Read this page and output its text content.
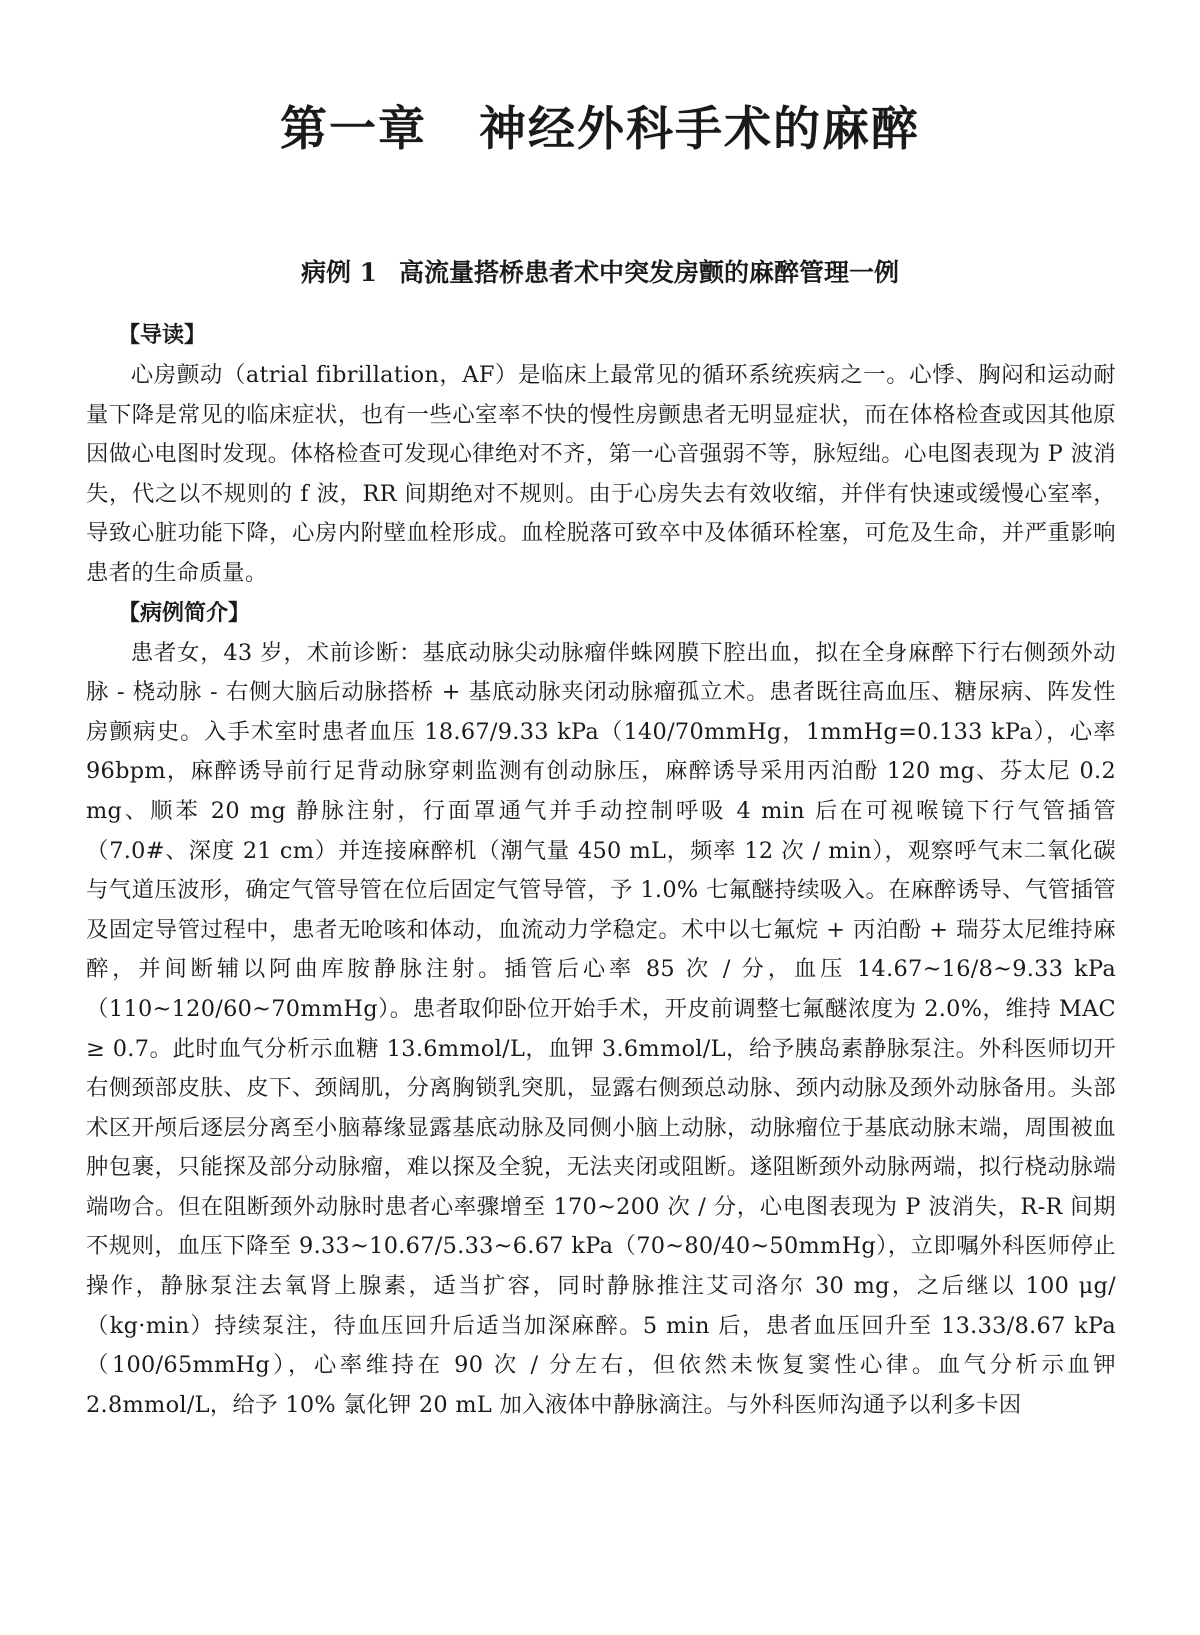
第一章 神经外科手术的麻醉
病例 1 高流量搭桥患者术中突发房颤的麻醉管理一例
【导读】

心房颤动（atrial fibrillation，AF）是临床上最常见的循环系统疾病之一。心悸、胸闷和运动耐量下降是常见的临床症状，也有一些心室率不快的慢性房颤患者无明显症状，而在体格检查或因其他原因做心电图时发现。体格检查可发现心律绝对不齐，第一心音强弱不等，脉短绌。心电图表现为 P 波消失，代之以不规则的 f 波，RR 间期绝对不规则。由于心房失去有效收缩，并伴有快速或缓慢心室率，导致心脏功能下降，心房内附壁血栓形成。血栓脱落可致卒中及体循环栓塞，可危及生命，并严重影响患者的生命质量。

【病例简介】

患者女，43 岁，术前诊断：基底动脉尖动脉瘤伴蛛网膜下腔出血，拟在全身麻醉下行右侧颈外动脉 - 桡动脉 - 右侧大脑后动脉搭桥 + 基底动脉夹闭动脉瘤孤立术。患者既往高血压、糖尿病、阵发性房颤病史。入手术室时患者血压 18.67/9.33 kPa（140/70mmHg，1mmHg=0.133 kPa），心率 96bpm，麻醉诱导前行足背动脉穿刺监测有创动脉压，麻醉诱导采用丙泊酚 120 mg、芬太尼 0.2 mg、顺苯 20 mg 静脉注射，行面罩通气并手动控制呼吸 4 min 后在可视喉镜下行气管插管（7.0#、深度 21 cm）并连接麻醉机（潮气量 450 mL，频率 12 次 / min），观察呼气末二氧化碳与气道压波形，确定气管导管在位后固定气管导管，予 1.0% 七氟醚持续吸入。在麻醉诱导、气管插管及固定导管过程中，患者无呛咳和体动，血流动力学稳定。术中以七氟烷 + 丙泊酚 + 瑞芬太尼维持麻醉，并间断辅以阿曲库胺静脉注射。插管后心率 85 次 / 分，血压 14.67~16/8~9.33 kPa（110~120/60~70mmHg）。患者取仰卧位开始手术，开皮前调整七氟醚浓度为 2.0%，维持 MAC ≥ 0.7。此时血气分析示血糖 13.6mmol/L，血钾 3.6mmol/L，给予胰岛素静脉泵注。外科医师切开右侧颈部皮肤、皮下、颈阔肌，分离胸锁乳突肌，显露右侧颈总动脉、颈内动脉及颈外动脉备用。头部术区开颅后逐层分离至小脑幕缘显露基底动脉及同侧小脑上动脉，动脉瘤位于基底动脉末端，周围被血肿包裹，只能探及部分动脉瘤，难以探及全貌，无法夹闭或阻断。遂阻断颈外动脉两端，拟行桡动脉端端吻合。但在阻断颈外动脉时患者心率骤增至 170~200 次 / 分，心电图表现为 P 波消失，R-R 间期不规则，血压下降至 9.33~10.67/5.33~6.67 kPa（70~80/40~50mmHg），立即嘱外科医师停止操作，静脉泵注去氧肾上腺素，适当扩容，同时静脉推注艾司洛尔 30 mg，之后继以 100 μg/（kg·min）持续泵注，待血压回升后适当加深麻醉。5 min 后，患者血压回升至 13.33/8.67 kPa（100/65mmHg），心率维持在 90 次 / 分左右，但依然未恢复窦性心律。血气分析示血钾 2.8mmol/L，给予 10% 氯化钾 20 mL 加入液体中静脉滴注。与外科医师沟通予以利多卡因
